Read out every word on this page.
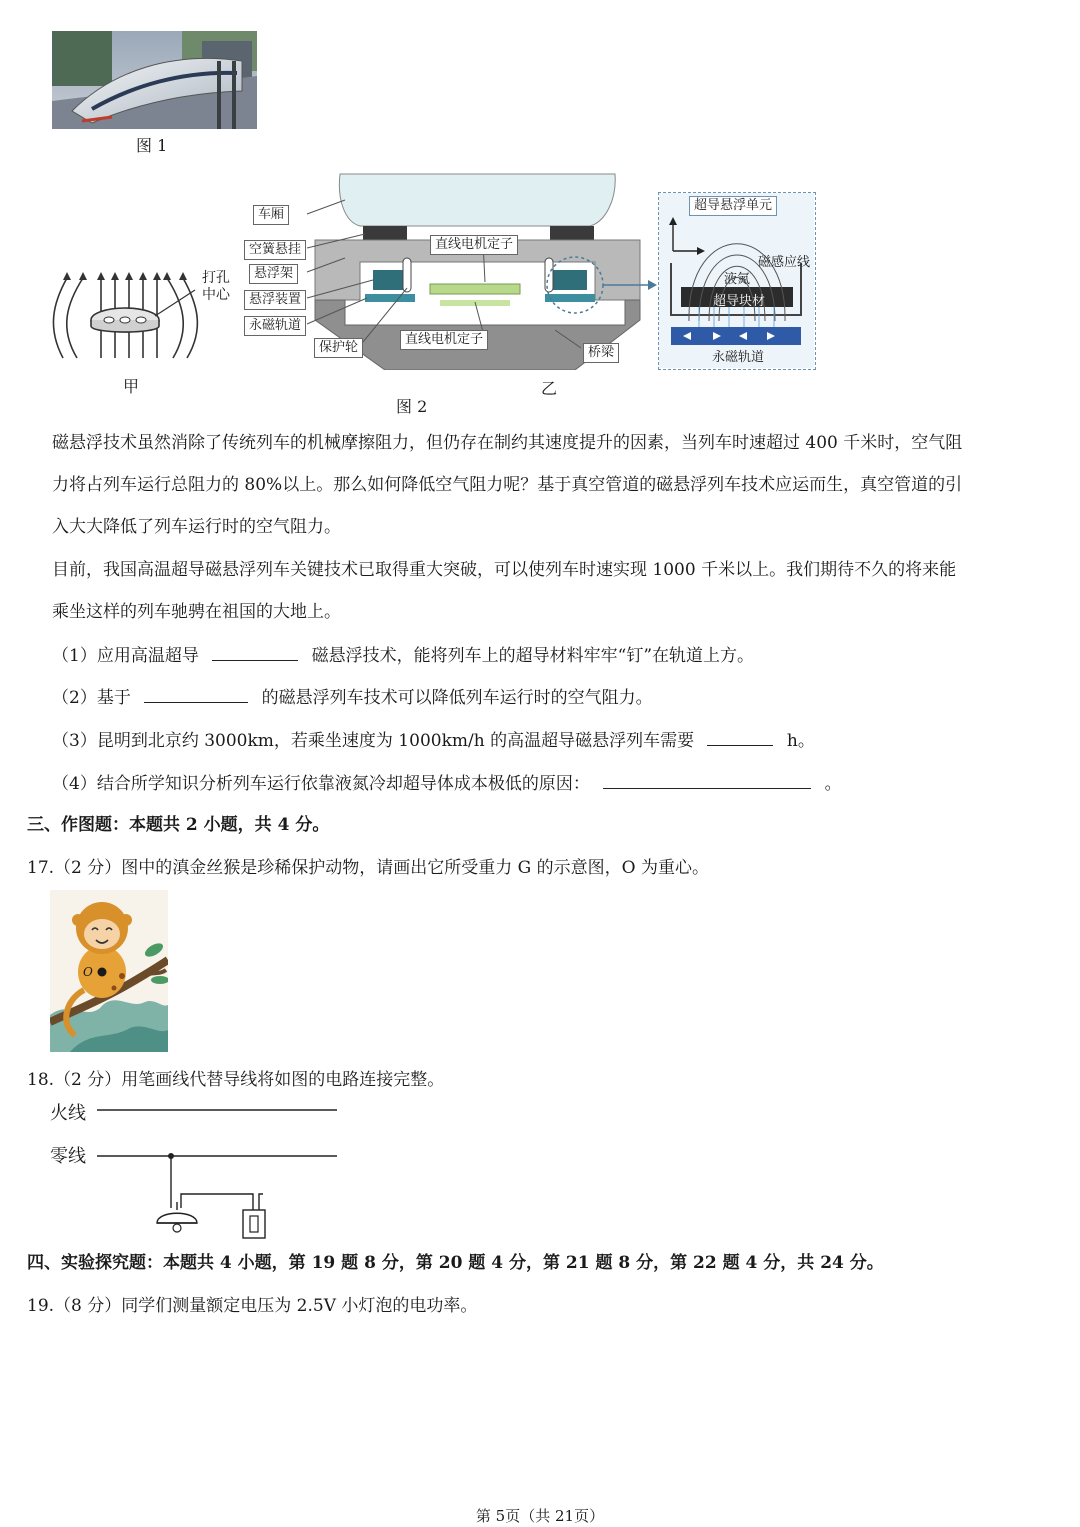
图 1
打孔
中心
甲
车厢
空簧悬挂
悬浮架
悬浮装置
永磁轨道
保护轮
直线电机定子
直线电机定子
桥梁
乙
超导悬浮单元
磁感应线
液氮
超导块材
永磁轨道
图 2
磁悬浮技术虽然消除了传统列车的机械摩擦阻力，但仍存在制约其速度提升的因素，当列车时速超过 400 千米时，空气阻
力将占列车运行总阻力的 80%以上。那么如何降低空气阻力呢？基于真空管道的磁悬浮列车技术应运而生，真空管道的引
入大大降低了列车运行时的空气阻力。
目前，我国高温超导磁悬浮列车关键技术已取得重大突破，可以使列车时速实现 1000 千米以上。我们期待不久的将来能
乘坐这样的列车驰骋在祖国的大地上。
（1）应用高温超导	磁悬浮技术，能将列车上的超导材料牢牢“钉”在轨道上方。
（2）基于	的磁悬浮列车技术可以降低列车运行时的空气阻力。
（3）昆明到北京约 3000km，若乘坐速度为 1000km/h 的高温超导磁悬浮列车需要	h。
（4）结合所学知识分析列车运行依靠液氮冷却超导体成本极低的原因：	。
三、作图题：本题共 2 小题，共 4 分。
17.（2 分）图中的滇金丝猴是珍稀保护动物，请画出它所受重力 G 的示意图，O 为重心。
O
18.（2 分）用笔画线代替导线将如图的电路连接完整。
火线
零线
四、实验探究题：本题共 4 小题，第 19 题 8 分，第 20 题 4 分，第 21 题 8 分，第 22 题 4 分，共 24 分。
19.（8 分）同学们测量额定电压为 2.5V 小灯泡的电功率。
第 5页（共 21页）
